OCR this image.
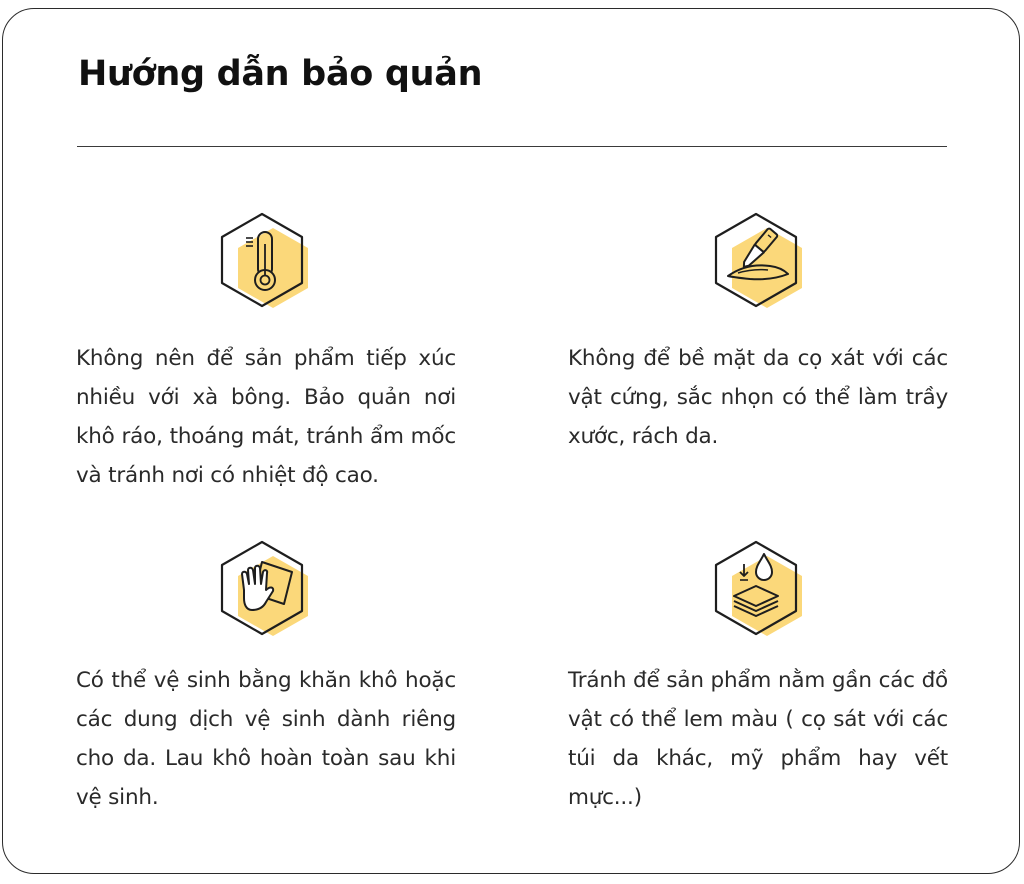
Hướng dẫn bảo quản
Không nên để sản phẩm tiếp xúc nhiều với xà bông. Bảo quản nơi khô ráo, thoáng mát, tránh ẩm mốc và tránh nơi có nhiệt độ cao.
Không để bề mặt da cọ xát với các vật cứng, sắc nhọn có thể làm trầy xước, rách da.
Có thể vệ sinh bằng khăn khô hoặc các dung dịch vệ sinh dành riêng cho da. Lau khô hoàn toàn sau khi vệ sinh.
Tránh để sản phẩm nằm gần các đồ vật có thể lem màu ( cọ sát với các túi da khác, mỹ phẩm hay vết mực...)
